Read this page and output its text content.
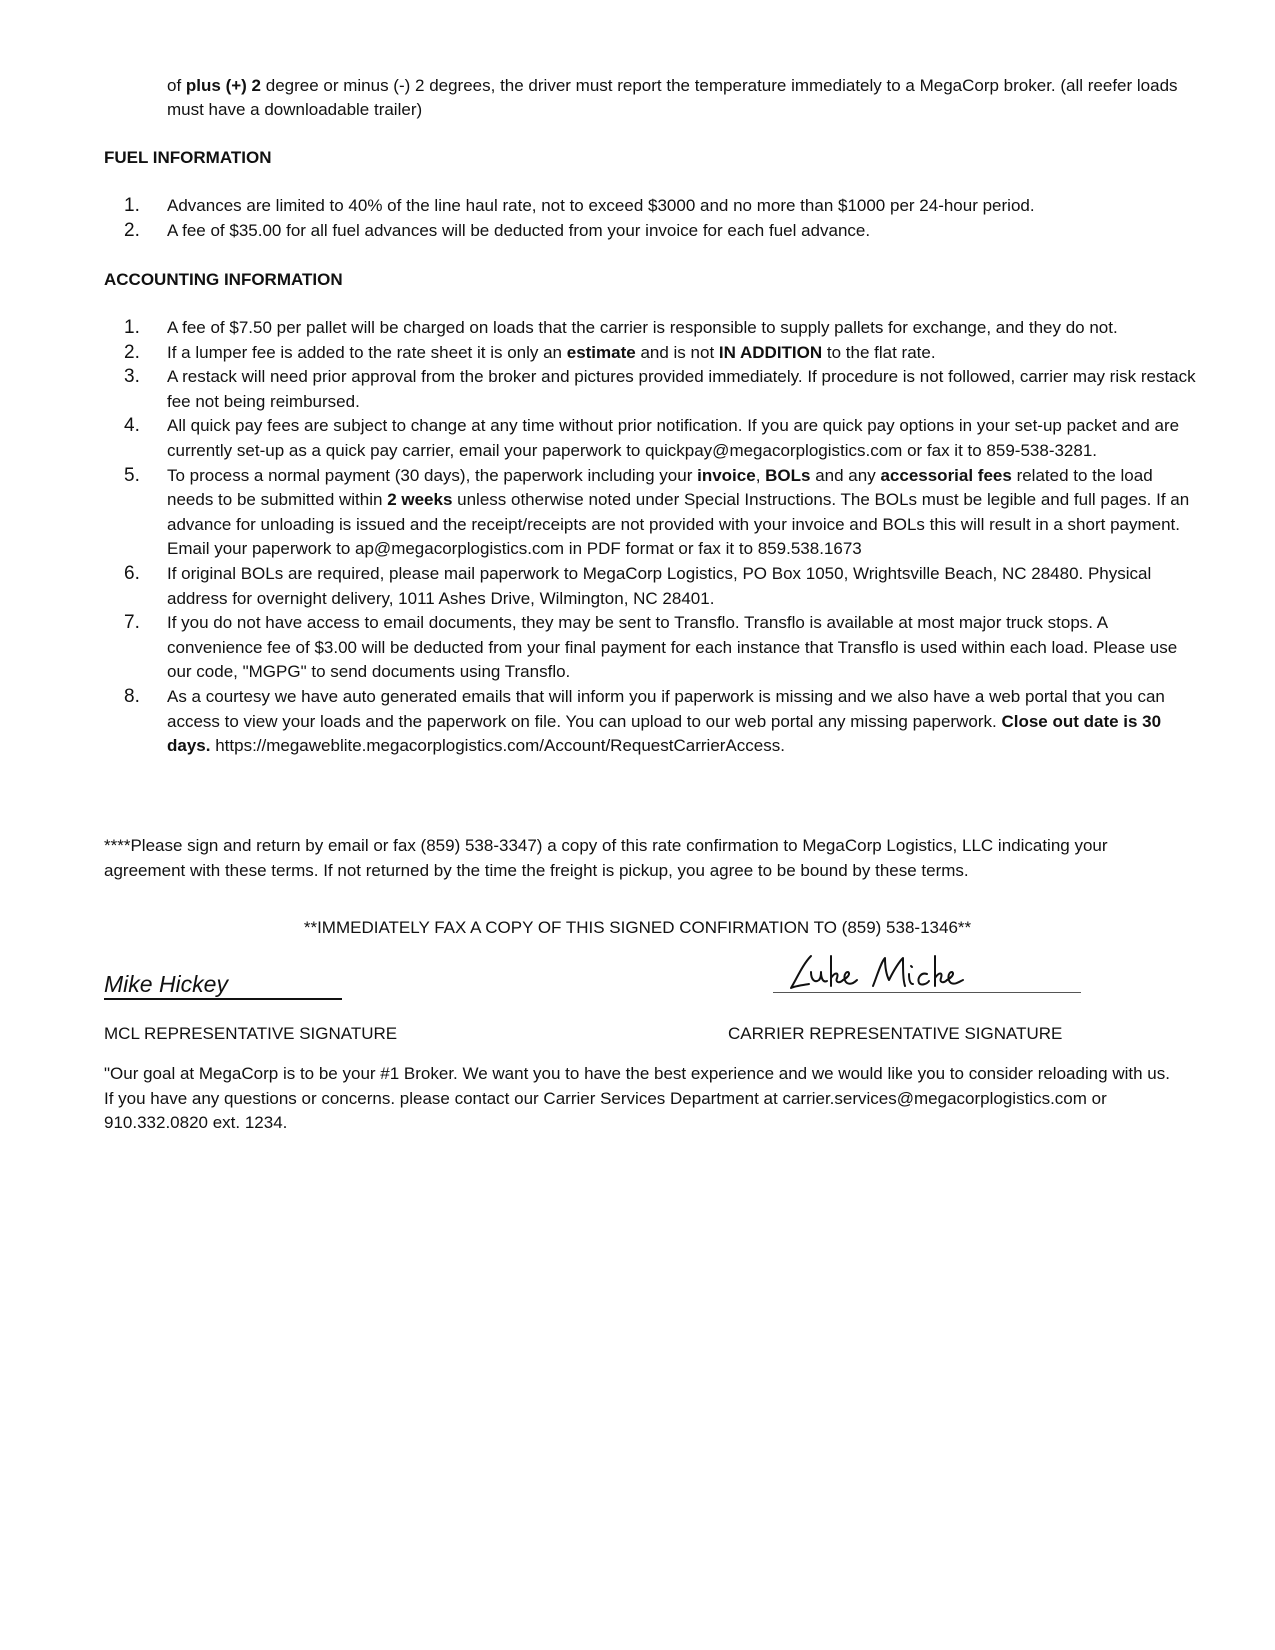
of plus (+) 2 degree or minus (-) 2 degrees, the driver must report the temperature immediately to a MegaCorp broker. (all reefer loads must have a downloadable trailer)
FUEL INFORMATION
1. Advances are limited to 40% of the line haul rate, not to exceed $3000 and no more than $1000 per 24-hour period.
2. A fee of $35.00 for all fuel advances will be deducted from your invoice for each fuel advance.
ACCOUNTING INFORMATION
1. A fee of $7.50 per pallet will be charged on loads that the carrier is responsible to supply pallets for exchange, and they do not.
2. If a lumper fee is added to the rate sheet it is only an estimate and is not IN ADDITION to the flat rate.
3. A restack will need prior approval from the broker and pictures provided immediately. If procedure is not followed, carrier may risk restack fee not being reimbursed.
4. All quick pay fees are subject to change at any time without prior notification. If you are quick pay options in your set-up packet and are currently set-up as a quick pay carrier, email your paperwork to quickpay@megacorplogistics.com or fax it to 859-538-3281.
5. To process a normal payment (30 days), the paperwork including your invoice, BOLs and any accessorial fees related to the load needs to be submitted within 2 weeks unless otherwise noted under Special Instructions. The BOLs must be legible and full pages. If an advance for unloading is issued and the receipt/receipts are not provided with your invoice and BOLs this will result in a short payment. Email your paperwork to ap@megacorplogistics.com in PDF format or fax it to 859.538.1673
6. If original BOLs are required, please mail paperwork to MegaCorp Logistics, PO Box 1050, Wrightsville Beach, NC 28480. Physical address for overnight delivery, 1011 Ashes Drive, Wilmington, NC 28401.
7. If you do not have access to email documents, they may be sent to Transflo. Transflo is available at most major truck stops. A convenience fee of $3.00 will be deducted from your final payment for each instance that Transflo is used within each load. Please use our code, "MGPG" to send documents using Transflo.
8. As a courtesy we have auto generated emails that will inform you if paperwork is missing and we also have a web portal that you can access to view your loads and the paperwork on file. You can upload to our web portal any missing paperwork. Close out date is 30 days. https://megaweblite.megacorplogistics.com/Account/RequestCarrierAccess.
****Please sign and return by email or fax (859) 538-3347) a copy of this rate confirmation to MegaCorp Logistics, LLC indicating your agreement with these terms. If not returned by the time the freight is pickup, you agree to be bound by these terms.
**IMMEDIATELY FAX A COPY OF THIS SIGNED CONFIRMATION TO (859) 538-1346**
Mike Hickey
MCL REPRESENTATIVE SIGNATURE	CARRIER REPRESENTATIVE SIGNATURE
"Our goal at MegaCorp is to be your #1 Broker. We want you to have the best experience and we would like you to consider reloading with us. If you have any questions or concerns. please contact our Carrier Services Department at carrier.services@megacorplogistics.com or 910.332.0820 ext. 1234.
